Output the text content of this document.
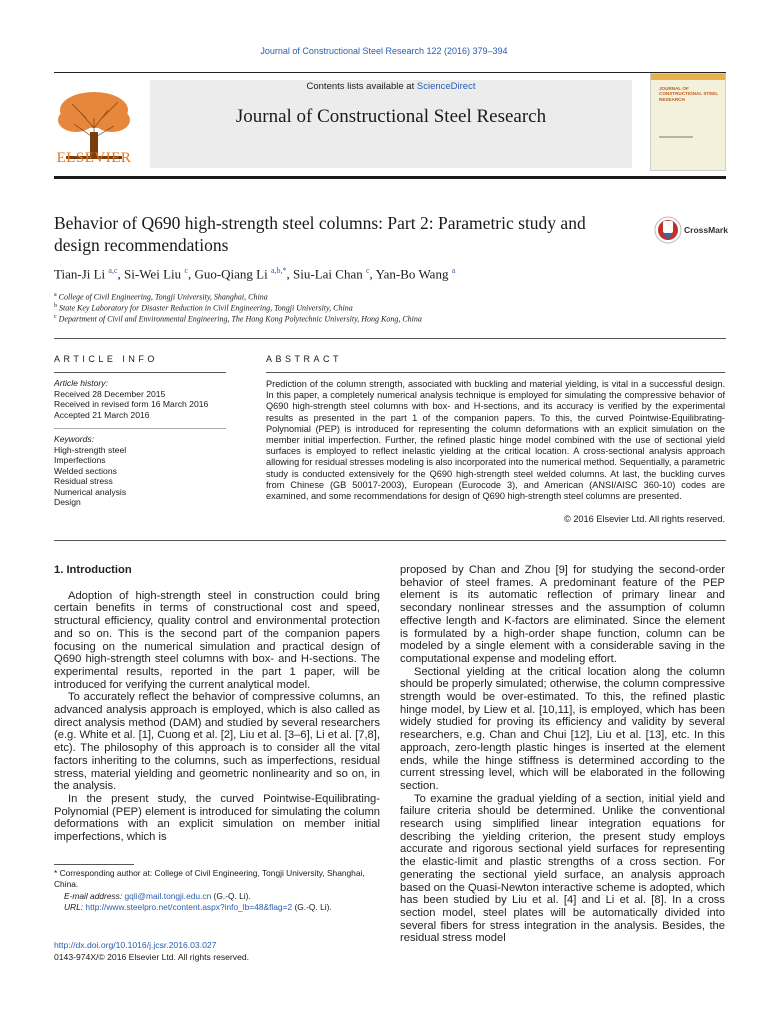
Journal of Constructional Steel Research 122 (2016) 379–394
ELSEVIER
Contents lists available at ScienceDirect
Journal of Constructional Steel Research
JOURNAL OF CONSTRUCTIONAL STEEL RESEARCH
Behavior of Q690 high-strength steel columns: Part 2: Parametric study and design recommendations
CrossMark
Tian-Ji Li $^{a,c}$, Si-Wei Liu $^c$, Guo-Qiang Li $^{a,b,*}$, Siu-Lai Chan $^c$, Yan-Bo Wang $^a$
$^a$ College of Civil Engineering, Tongji University, Shanghai, China
$^b$ State Key Laboratory for Disaster Reduction in Civil Engineering, Tongji University, China
$^c$ Department of Civil and Environmental Engineering, The Hong Kong Polytechnic University, Hong Kong, China
ARTICLE INFO
Article history:
Received 28 December 2015
Received in revised form 16 March 2016
Accepted 21 March 2016
Keywords:
High-strength steel
Imperfections
Welded sections
Residual stress
Numerical analysis
Design
ABSTRACT
Prediction of the column strength, associated with buckling and material yielding, is vital in a successful design. In this paper, a completely numerical analysis technique is employed for simulating the compressive behavior of Q690 high-strength steel columns with box- and H-sections, and its accuracy is verified by the experimental results as presented in the part 1 of the companion papers. To this, the curved Pointwise-Equilibrating-Polynomial (PEP) is introduced for representing the column deformations with an explicit simulation on the member initial imperfection. Further, the refined plastic hinge model combined with the use of sectional yield surfaces is employed to reflect inelastic yielding at the critical location. A cross-sectional analysis approach allowing for residual stresses modeling is also incorporated into the numerical method. Sequentially, a parametric study is conducted extensively for the Q690 high-strength steel welded columns. At last, the buckling curves from Chinese (GB 50017-2003), European (Eurocode 3), and American (ANSI/AISC 360-10) codes are examined, and some recommendations for design of Q690 high-strength steel columns are presented.
© 2016 Elsevier Ltd. All rights reserved.

1. Introduction

Adoption of high-strength steel in construction could bring certain benefits in terms of constructional cost and speed, structural efficiency, quality control and environmental protection and so on. This is the second part of the companion papers focusing on the numerical simulation and practical design of Q690 high-strength steel columns with box- and H-sections. The experimental results, reported in the part 1 paper, will be introduced for verifying the current analytical model.

To accurately reflect the behavior of compressive columns, an advanced analysis approach is employed, which is also called as direct analysis method (DAM) and studied by several researchers (e.g. White et al. [1], Cuong et al. [2], Liu et al. [3–6], Li et al. [7,8], etc). The philosophy of this approach is to consider all the vital factors inheriting to the columns, such as imperfections, residual stress, material yielding and geometric nonlinearity and so on, in the analysis.

In the present study, the curved Pointwise-Equilibrating-Polynomial (PEP) element is introduced for simulating the column deformations with an explicit simulation on member initial imperfections, which is

proposed by Chan and Zhou [9] for studying the second-order behavior of steel frames. A predominant feature of the PEP element is its automatic reflection of primary linear and secondary nonlinear stresses and the assumption of column effective length and K-factors are eliminated. Since the element is formulated by a high-order shape function, column can be modeled by a single element with a considerable saving in the computational expense and modeling effort.

Sectional yielding at the critical location along the column should be properly simulated; otherwise, the column compressive strength would be over-estimated. To this, the refined plastic hinge model, by Liew et al. [10,11], is employed, which has been widely studied for proving its efficiency and validity by several researchers, e.g. Chan and Chui [12], Liu et al. [13], etc. In this approach, zero-length plastic hinges is inserted at the element ends, while the hinge stiffness is determined according to the current stressing level, which will be elaborated in the following section.

To examine the gradual yielding of a section, initial yield and failure criteria should be determined. Unlike the conventional research using simplified linear integration equations for describing the yielding criterion, the present study employs accurate and rigorous sectional yield surfaces for representing the elastic-limit and plastic strengths of a cross section. For generating the sectional yield surface, an analysis approach based on the Quasi-Newton interactive scheme is adopted, which has been studied by Liu et al. [4] and Li et al. [8]. In a cross section model, steel plates will be automatically divided into several fibers for stress integration in the analysis. Besides, the residual stress model

* Corresponding author at: College of Civil Engineering, Tongji University, Shanghai, China.
E-mail address: gqli@mail.tongji.edu.cn (G.-Q. Li).
URL: http://www.steelpro.net/content.aspx?info_lb=48&flag=2 (G.-Q. Li).
http://dx.doi.org/10.1016/j.jcsr.2016.03.027
0143-974X/© 2016 Elsevier Ltd. All rights reserved.
